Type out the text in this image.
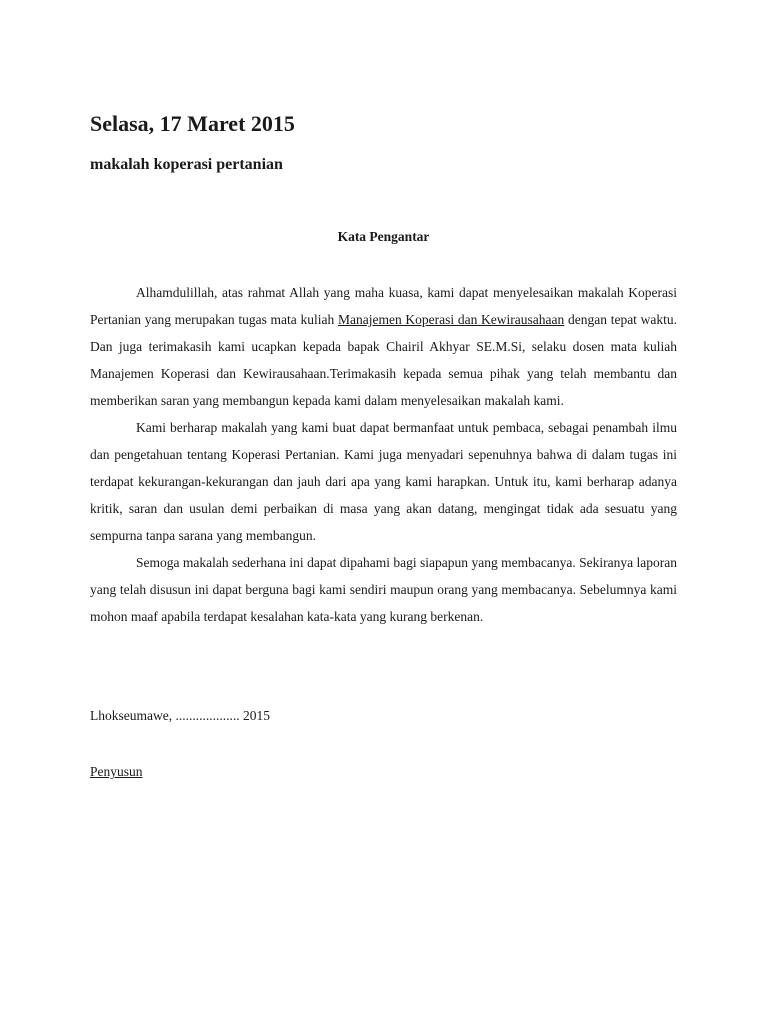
Selasa, 17 Maret 2015
makalah koperasi pertanian
Kata Pengantar

Alhamdulillah, atas rahmat Allah yang maha kuasa, kami dapat menyelesaikan makalah Koperasi Pertanian yang merupakan tugas mata kuliah Manajemen Koperasi dan Kewirausahaan dengan tepat waktu. Dan juga terimakasih kami ucapkan kepada bapak Chairil Akhyar SE.M.Si, selaku dosen mata kuliah Manajemen Koperasi dan Kewirausahaan.Terimakasih kepada semua pihak yang telah membantu dan memberikan saran yang membangun kepada kami dalam menyelesaikan makalah kami.

Kami berharap makalah yang kami buat dapat bermanfaat untuk pembaca, sebagai penambah ilmu dan pengetahuan tentang Koperasi Pertanian. Kami juga menyadari sepenuhnya bahwa di dalam tugas ini terdapat kekurangan-kekurangan dan jauh dari apa yang kami harapkan. Untuk itu, kami berharap adanya kritik, saran dan usulan demi perbaikan di masa yang akan datang, mengingat tidak ada sesuatu yang sempurna tanpa sarana yang membangun.

Semoga makalah sederhana ini dapat dipahami bagi siapapun yang membacanya. Sekiranya laporan yang telah disusun ini dapat berguna bagi kami sendiri maupun orang yang membacanya. Sebelumnya kami mohon maaf apabila terdapat kesalahan kata-kata yang kurang berkenan.

Lhokseumawe, ................... 2015

Penyusun
